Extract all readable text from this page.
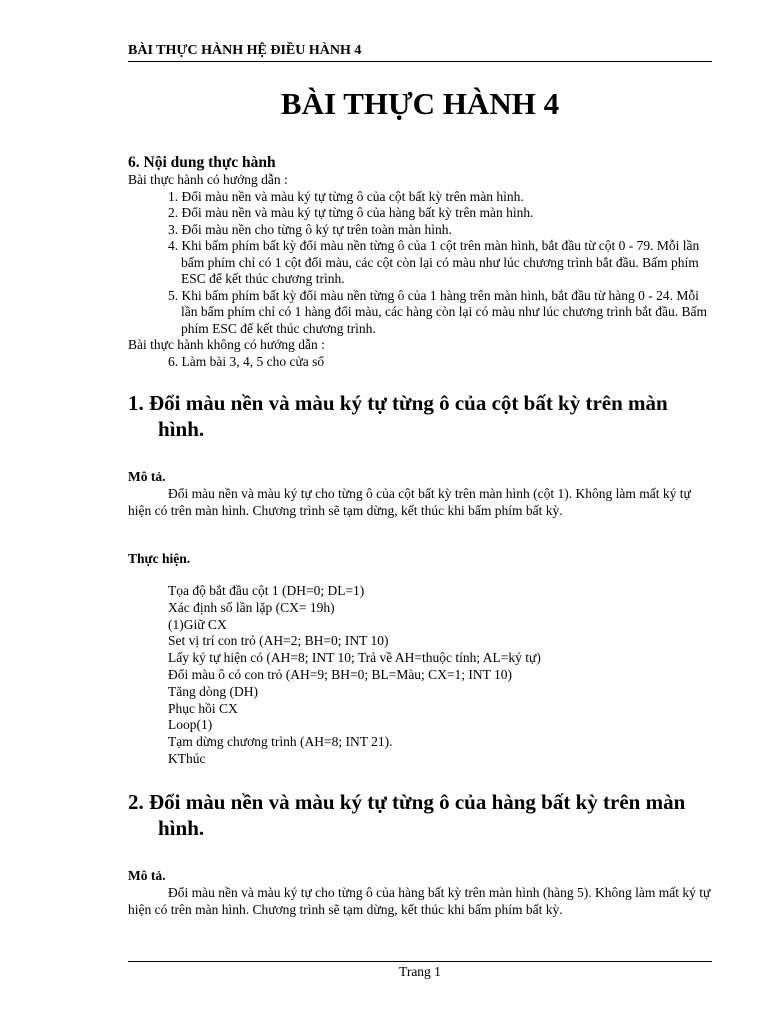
BÀI THỰC HÀNH HỆ ĐIỀU HÀNH 4
BÀI THỰC HÀNH 4

6. Nội dung thực hành

Bài thực hành có hướng dẫn :

1. Đổi màu nền và màu ký tự từng ô của cột bất kỳ trên màn hình.
2. Đổi màu nền và màu ký tự từng ô của hàng bất kỳ trên màn hình.
3. Đổi màu nền cho từng ô ký tự trên toàn màn hình.
4. Khi bấm phím bất kỳ đổi màu nền từng ô của 1 cột trên màn hình, bắt đầu từ cột 0 - 79. Mỗi lần bấm phím chỉ có 1 cột đổi màu, các cột còn lại có màu như lúc chương trình bắt đầu. Bấm phím ESC để kết thúc chương trình.
5. Khi bấm phím bất kỳ đổi màu nền từng ô của 1 hàng trên màn hình, bắt đầu từ hàng 0 - 24. Mỗi lần bấm phím chỉ có 1 hàng đổi màu, các hàng còn lại có màu như lúc chương trình bắt đầu. Bấm phím ESC để kết thúc chương trình.

Bài thực hành không có hướng dẫn :

6. Làm bài 3, 4, 5 cho cửa sổ

1. Đổi màu nền và màu ký tự từng ô của cột bất kỳ trên màn hình.

Mô tả.

Đổi màu nền và màu ký tự cho từng ô của cột bất kỳ trên màn hình (cột 1). Không làm mất ký tự hiện có trên màn hình. Chương trình sẽ tạm dừng, kết thúc khi bấm phím bất kỳ.

Thực hiện.

Tọa độ bắt đầu cột 1 (DH=0; DL=1)
Xác định số lần lặp (CX= 19h)
(1)Giữ CX
Set vị trí con trỏ (AH=2; BH=0; INT 10)
Lấy ký tự hiện có (AH=8; INT 10; Trả về AH=thuộc tính; AL=ký tự)
Đổi màu ô có con trỏ (AH=9; BH=0; BL=Màu; CX=1; INT 10)
Tăng dòng (DH)
Phục hồi CX
Loop(1)
Tạm dừng chương trình (AH=8; INT 21).
KThúc

2. Đổi màu nền và màu ký tự từng ô của hàng bất kỳ trên màn hình.

Mô tả.

Đổi màu nền và màu ký tự cho từng ô của hàng bất kỳ trên màn hình (hàng 5). Không làm mất ký tự hiện có trên màn hình. Chương trình sẽ tạm dừng, kết thúc khi bấm phím bất kỳ.

Trang 1
